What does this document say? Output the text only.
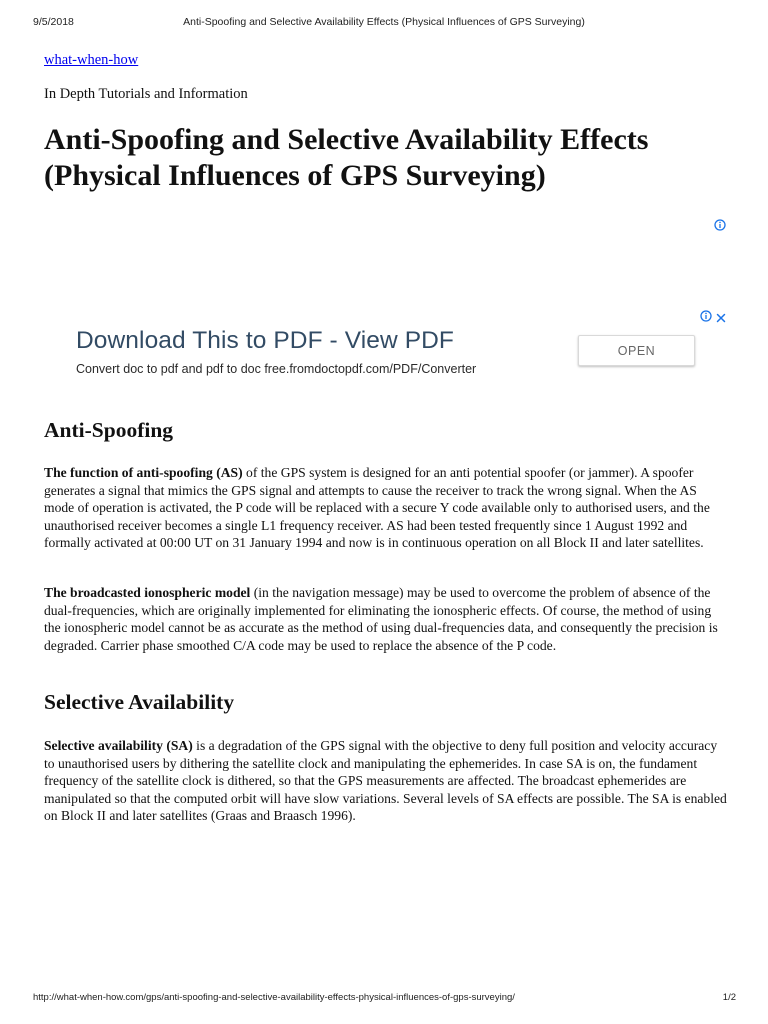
9/5/2018	Anti-Spoofing and Selective Availability Effects (Physical Influences of GPS Surveying)
what-when-how
In Depth Tutorials and Information
Anti-Spoofing and Selective Availability Effects (Physical Influences of GPS Surveying)
Download This to PDF - View PDF
Convert doc to pdf and pdf to doc free.fromdoctopdf.com/PDF/Converter
OPEN
Anti-Spoofing

The function of anti-spoofing (AS) of the GPS system is designed for an anti potential spoofer (or jammer). A spoofer generates a signal that mimics the GPS signal and attempts to cause the receiver to track the wrong signal. When the AS mode of operation is activated, the P code will be replaced with a secure Y code available only to authorised users, and the unauthorised receiver becomes a single L1 frequency receiver. AS had been tested frequently since 1 August 1992 and formally activated at 00:00 UT on 31 January 1994 and now is in continuous operation on all Block II and later satellites.

The broadcasted ionospheric model (in the navigation message) may be used to overcome the problem of absence of the dual-frequencies, which are originally implemented for eliminating the ionospheric effects. Of course, the method of using the ionospheric model cannot be as accurate as the method of using dual-frequencies data, and consequently the precision is degraded. Carrier phase smoothed C/A code may be used to replace the absence of the P code.

Selective Availability

Selective availability (SA) is a degradation of the GPS signal with the objective to deny full position and velocity accuracy to unauthorised users by dithering the satellite clock and manipulating the ephemerides. In case SA is on, the fundament frequency of the satellite clock is dithered, so that the GPS measurements are affected. The broadcast ephemerides are manipulated so that the computed orbit will have slow variations. Several levels of SA effects are possible. The SA is enabled on Block II and later satellites (Graas and Braasch 1996).

http://what-when-how.com/gps/anti-spoofing-and-selective-availability-effects-physical-influences-of-gps-surveying/	1/2
